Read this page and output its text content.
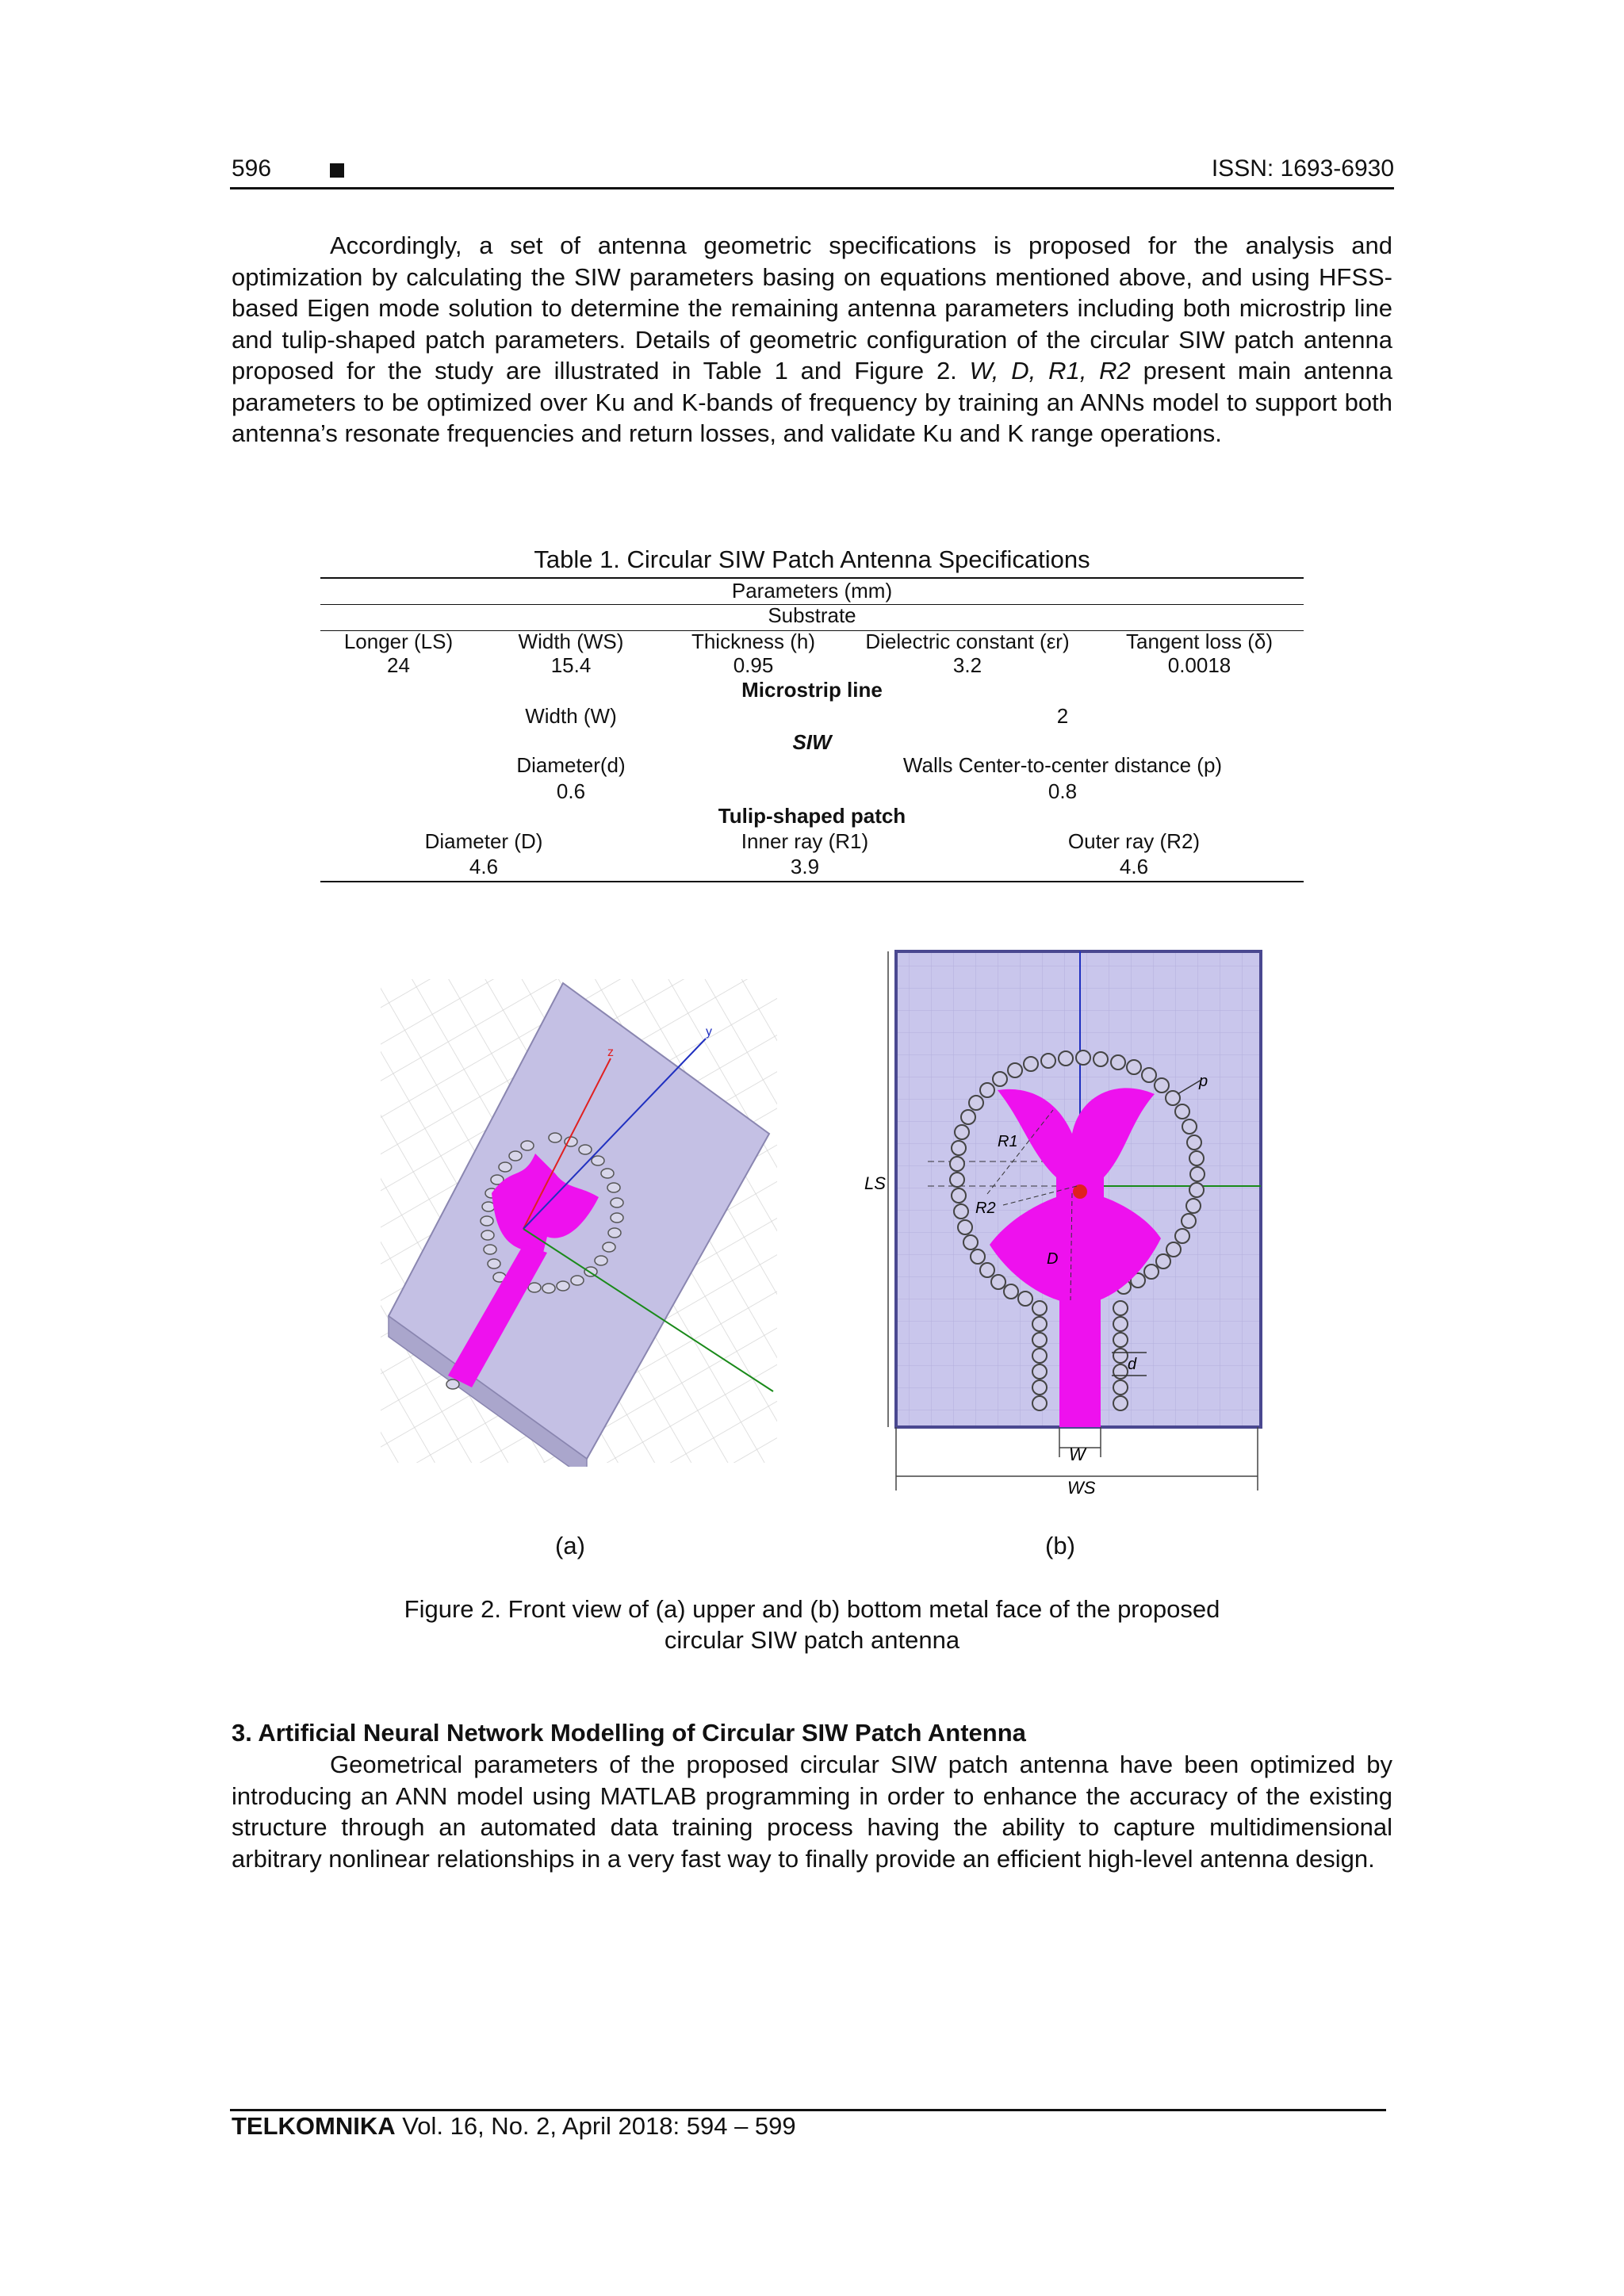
596	ISSN: 1693-6930
Accordingly, a set of antenna geometric specifications is proposed for the analysis and optimization by calculating the SIW parameters basing on equations mentioned above, and using HFSS-based Eigen mode solution to determine the remaining antenna parameters including both microstrip line and tulip-shaped patch parameters. Details of geometric configuration of the circular SIW patch antenna proposed for the study are illustrated in Table 1 and Figure 2. W, D, R1, R2 present main antenna parameters to be optimized over Ku and K-bands of frequency by training an ANNs model to support both antenna’s resonate frequencies and return losses, and validate Ku and K range operations.
Table 1. Circular SIW Patch Antenna Specifications
Parameters (mm)
Substrate
Longer (LS)	Width (WS)	Thickness (h)	Dielectric constant (εr)	Tangent loss (δ)
24	15.4	0.95	3.2	0.0018
Microstrip line
Width (W)	2
SIW
Diameter(d)	Walls Center-to-center distance (p)
0.6	0.8
Tulip-shaped patch
Diameter (D)	Inner ray (R1)	Outer ray (R2)
4.6	3.9	4.6
z
y
LS
R1
R2
D
p
d
W
WS
(a)	(b)
Figure 2. Front view of (a) upper and (b) bottom metal face of the proposed
circular SIW patch antenna
3. Artificial Neural Network Modelling of Circular SIW Patch Antenna
Geometrical parameters of the proposed circular SIW patch antenna have been optimized by introducing an ANN model using MATLAB programming in order to enhance the accuracy of the existing structure through an automated data training process having the ability to capture multidimensional arbitrary nonlinear relationships in a very fast way to finally provide an efficient high-level antenna design.
TELKOMNIKA Vol. 16, No. 2, April 2018: 594 – 599
